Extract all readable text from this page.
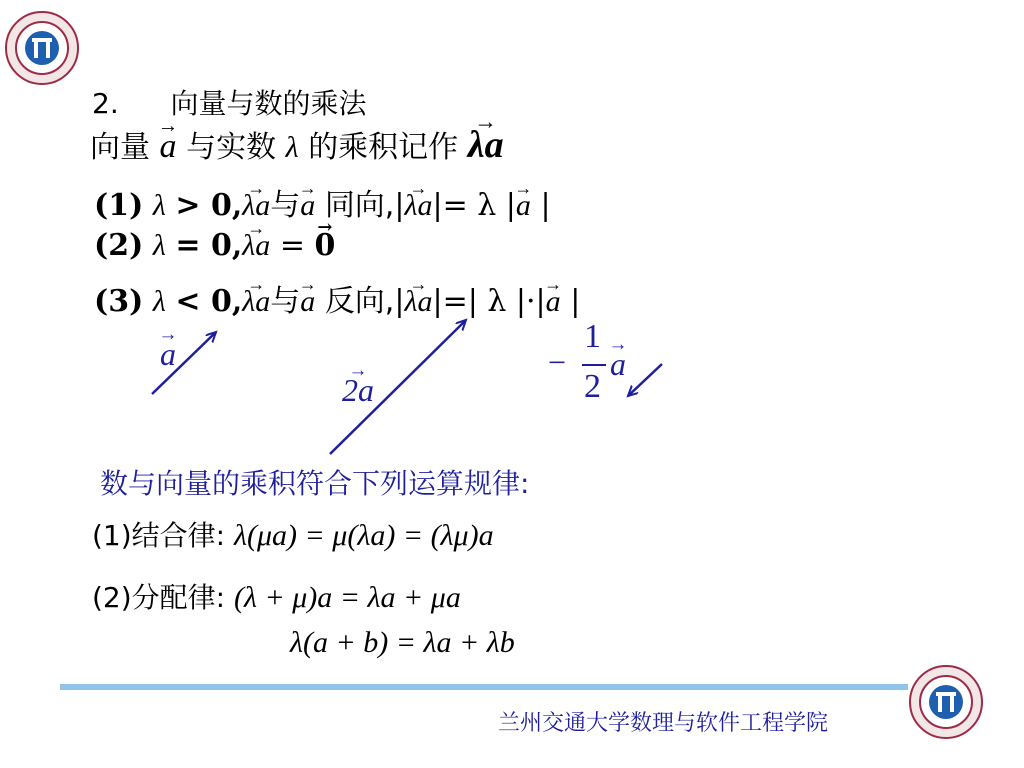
2. 向量与数的乘法
向量 → a 与实数 λ 的乘积记作 → λa
(1) λ > 0,→ λa与→ a 同向,|→ λa|= λ |→ a |
(2) λ = 0,→ λa = → 0
(3) λ < 0,→ λa与→ a 反向,|→ λa|=| λ |·|→ a |
→ a
→ 2a
−
1
2
→ a
数与向量的乘积符合下列运算规律:
(1)结合律: λ(μa) = μ(λa) = (λμ)a
(2)分配律: (λ + μ)a = λa + μa
λ(a + b) = λa + λb
兰州交通大学数理与软件工程学院
